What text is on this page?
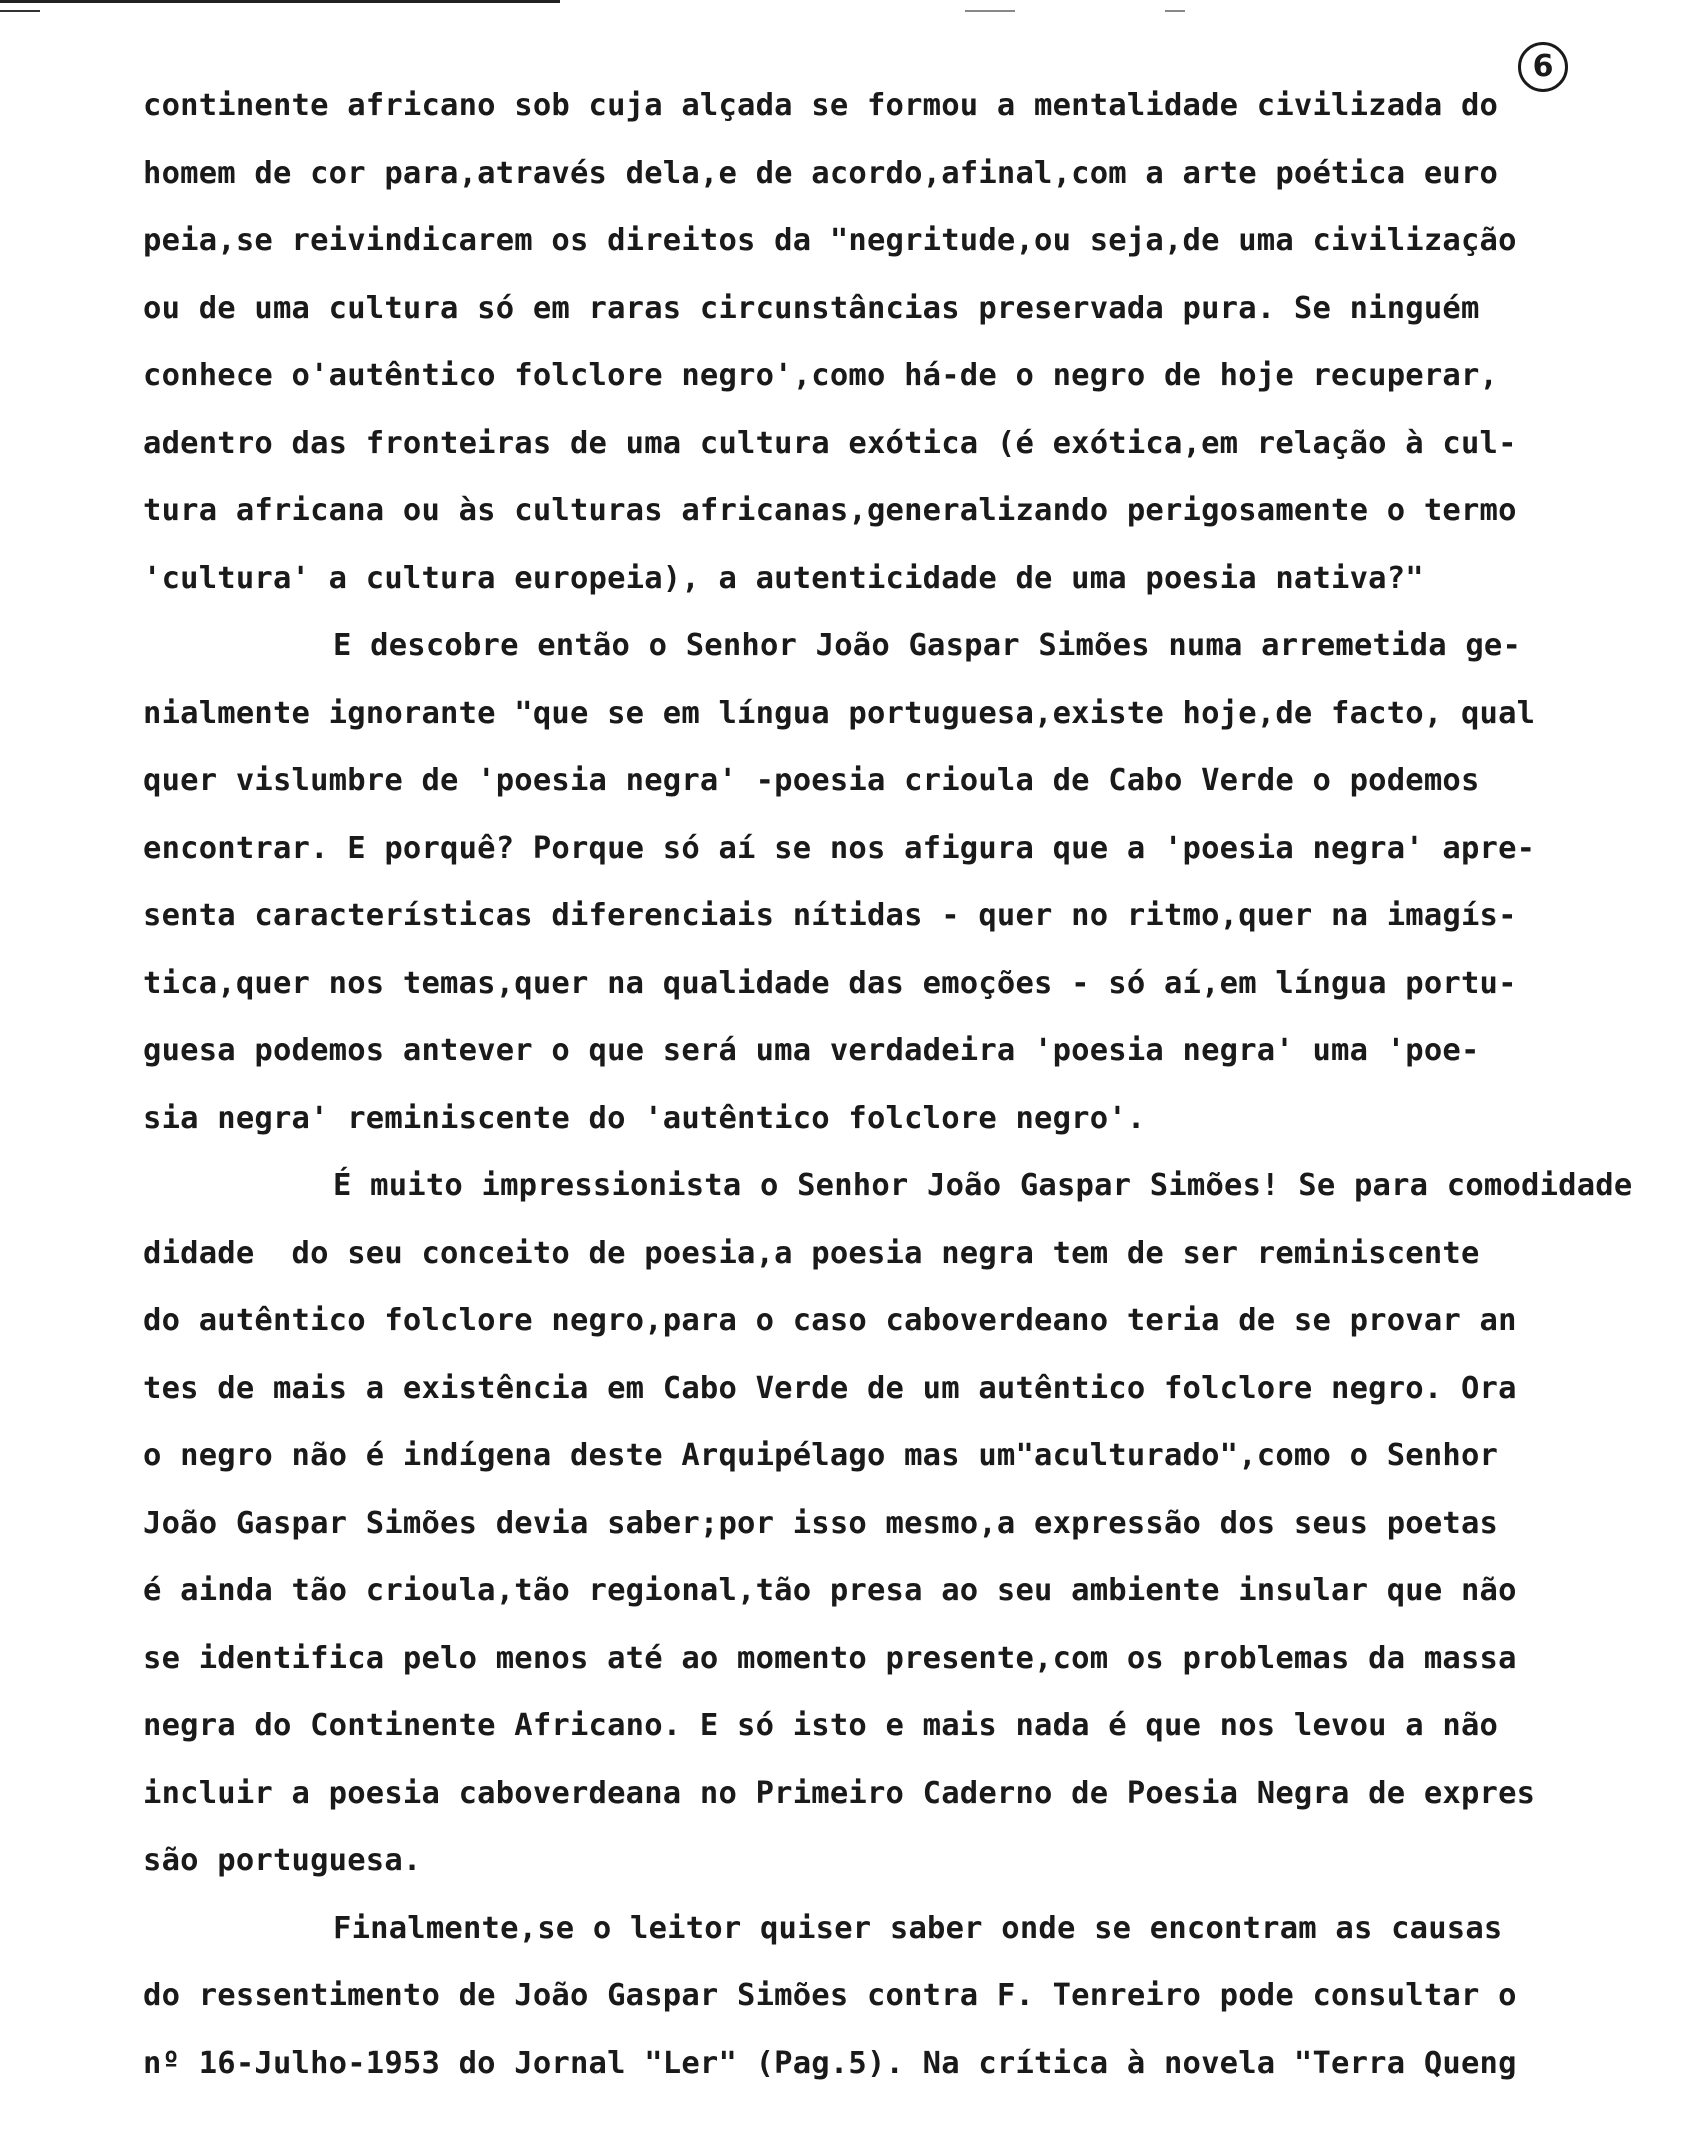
6
continente africano sob cuja alçada se formou a mentalidade civilizada do
homem de cor para,através dela,e de acordo,afinal,com a arte poética euro
peia,se reivindicarem os direitos da "negritude,ou seja,de uma civilização
ou de uma cultura só em raras circunstâncias preservada pura. Se ninguém
conhece o'autêntico folclore negro',como há-de o negro de hoje recuperar,
adentro das fronteiras de uma cultura exótica (é exótica,em relação à cul-
tura africana ou às culturas africanas,generalizando perigosamente o termo
'cultura' a cultura europeia), a autenticidade de uma poesia nativa?"
E descobre então o Senhor João Gaspar Simões numa arremetida ge-
nialmente ignorante "que se em língua portuguesa,existe hoje,de facto, qual
quer vislumbre de 'poesia negra' -poesia crioula de Cabo Verde o podemos
encontrar. E porquê? Porque só aí se nos afigura que a 'poesia negra' apre-
senta características diferenciais nítidas - quer no ritmo,quer na imagís-
tica,quer nos temas,quer na qualidade das emoções - só aí,em língua portu-
guesa podemos antever o que será uma verdadeira 'poesia negra' uma 'poe-
sia negra' reminiscente do 'autêntico folclore negro'.
É muito impressionista o Senhor João Gaspar Simões! Se para comodidade
didade  do seu conceito de poesia,a poesia negra tem de ser reminiscente
do autêntico folclore negro,para o caso caboverdeano teria de se provar an
tes de mais a existência em Cabo Verde de um autêntico folclore negro. Ora
o negro não é indígena deste Arquipélago mas um"aculturado",como o Senhor
João Gaspar Simões devia saber;por isso mesmo,a expressão dos seus poetas
é ainda tão crioula,tão regional,tão presa ao seu ambiente insular que não
se identifica pelo menos até ao momento presente,com os problemas da massa
negra do Continente Africano. E só isto e mais nada é que nos levou a não
incluir a poesia caboverdeana no Primeiro Caderno de Poesia Negra de expres
são portuguesa.
Finalmente,se o leitor quiser saber onde se encontram as causas
do ressentimento de João Gaspar Simões contra F. Tenreiro pode consultar o
nº 16-Julho-1953 do Jornal "Ler" (Pag.5). Na crítica à novela "Terra Queng
